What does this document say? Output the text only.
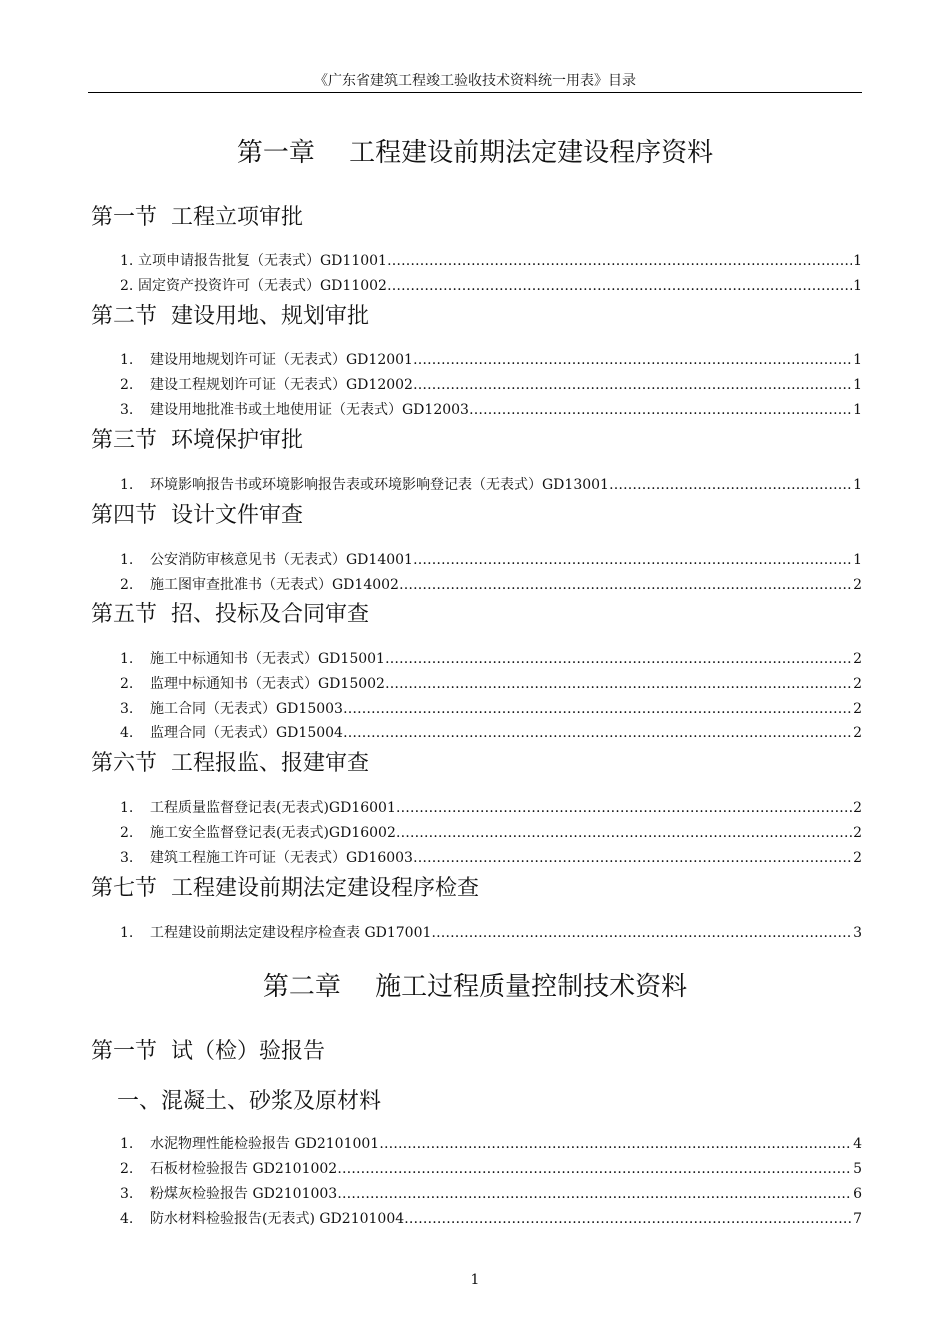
《广东省建筑工程竣工验收技术资料统一用表》目录
第一章　 工程建设前期法定建设程序资料
第一节  工程立项审批
1. 立项申请报告批复（无表式）GD11001 ………………………………………………………………………………………………………………………………………………………	1
2. 固定资产投资许可（无表式）GD11002 ………………………………………………………………………………………………………………………………………………………	1
第二节  建设用地、规划审批
1.	建设用地规划许可证（无表式）GD12001 ………………………………………………………………………………………………………………………………………………………	1
2.	建设工程规划许可证（无表式）GD12002 ………………………………………………………………………………………………………………………………………………………	1
3.	建设用地批准书或土地使用证（无表式）GD12003 ………………………………………………………………………………………………………………………………………………………	1
第三节  环境保护审批
1.	环境影响报告书或环境影响报告表或环境影响登记表（无表式）GD13001 ………………………………………………………………………………………………………………………………………………………	1
第四节  设计文件审查
1.	公安消防审核意见书（无表式）GD14001 ………………………………………………………………………………………………………………………………………………………	1
2.	施工图审查批准书（无表式）GD14002 ………………………………………………………………………………………………………………………………………………………	2
第五节  招、投标及合同审查
1.	施工中标通知书（无表式）GD15001 ………………………………………………………………………………………………………………………………………………………	2
2.	监理中标通知书（无表式）GD15002 ………………………………………………………………………………………………………………………………………………………	2
3.	施工合同（无表式）GD15003 ………………………………………………………………………………………………………………………………………………………	2
4.	监理合同（无表式）GD15004 ………………………………………………………………………………………………………………………………………………………	2
第六节  工程报监、报建审查
1.	工程质量监督登记表(无表式)GD16001 ………………………………………………………………………………………………………………………………………………………	2
2.	施工安全监督登记表(无表式)GD16002 ………………………………………………………………………………………………………………………………………………………	2
3.	建筑工程施工许可证（无表式）GD16003 ………………………………………………………………………………………………………………………………………………………	2
第七节  工程建设前期法定建设程序检查
1.	工程建设前期法定建设程序检查表 GD17001 ………………………………………………………………………………………………………………………………………………………	3
第二章　 施工过程质量控制技术资料
第一节  试（检）验报告
一、混凝土、砂浆及原材料
1.	水泥物理性能检验报告 GD2101001 ………………………………………………………………………………………………………………………………………………………	4
2.	石板材检验报告 GD2101002 ………………………………………………………………………………………………………………………………………………………	5
3.	粉煤灰检验报告 GD2101003 ………………………………………………………………………………………………………………………………………………………	6
4.	防水材料检验报告(无表式) GD2101004 ………………………………………………………………………………………………………………………………………………………	7
1
